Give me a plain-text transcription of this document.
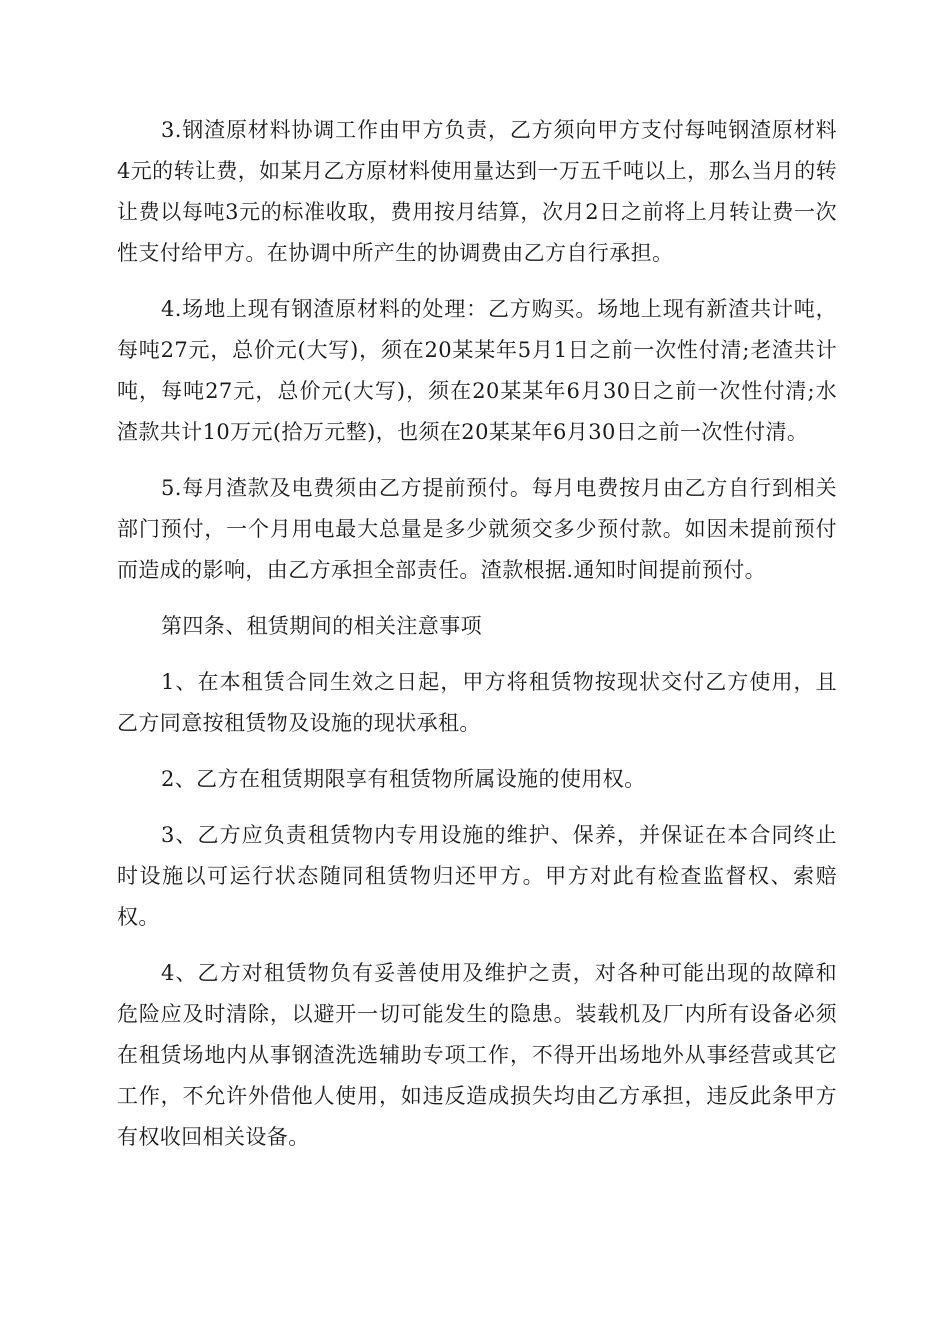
3.钢渣原材料协调工作由甲方负责，乙方须向甲方支付每吨钢渣原材料4元的转让费，如某月乙方原材料使用量达到一万五千吨以上，那么当月的转让费以每吨3元的标准收取，费用按月结算，次月2日之前将上月转让费一次性支付给甲方。在协调中所产生的协调费由乙方自行承担。

4.场地上现有钢渣原材料的处理：乙方购买。场地上现有新渣共计吨，每吨27元，总价元(大写)，须在20某某年5月1日之前一次性付清;老渣共计吨，每吨27元，总价元(大写)，须在20某某年6月30日之前一次性付清;水渣款共计10万元(拾万元整)，也须在20某某年6月30日之前一次性付清。

5.每月渣款及电费须由乙方提前预付。每月电费按月由乙方自行到相关部门预付，一个月用电最大总量是多少就须交多少预付款。如因未提前预付而造成的影响，由乙方承担全部责任。渣款根据.通知时间提前预付。

第四条、租赁期间的相关注意事项

1、在本租赁合同生效之日起，甲方将租赁物按现状交付乙方使用，且乙方同意按租赁物及设施的现状承租。

2、乙方在租赁期限享有租赁物所属设施的使用权。

3、乙方应负责租赁物内专用设施的维护、保养，并保证在本合同终止时设施以可运行状态随同租赁物归还甲方。甲方对此有检查监督权、索赔权。

4、乙方对租赁物负有妥善使用及维护之责，对各种可能出现的故障和危险应及时清除，以避开一切可能发生的隐患。装载机及厂内所有设备必须在租赁场地内从事钢渣洗选辅助专项工作，不得开出场地外从事经营或其它工作，不允许外借他人使用，如违反造成损失均由乙方承担，违反此条甲方有权收回相关设备。
